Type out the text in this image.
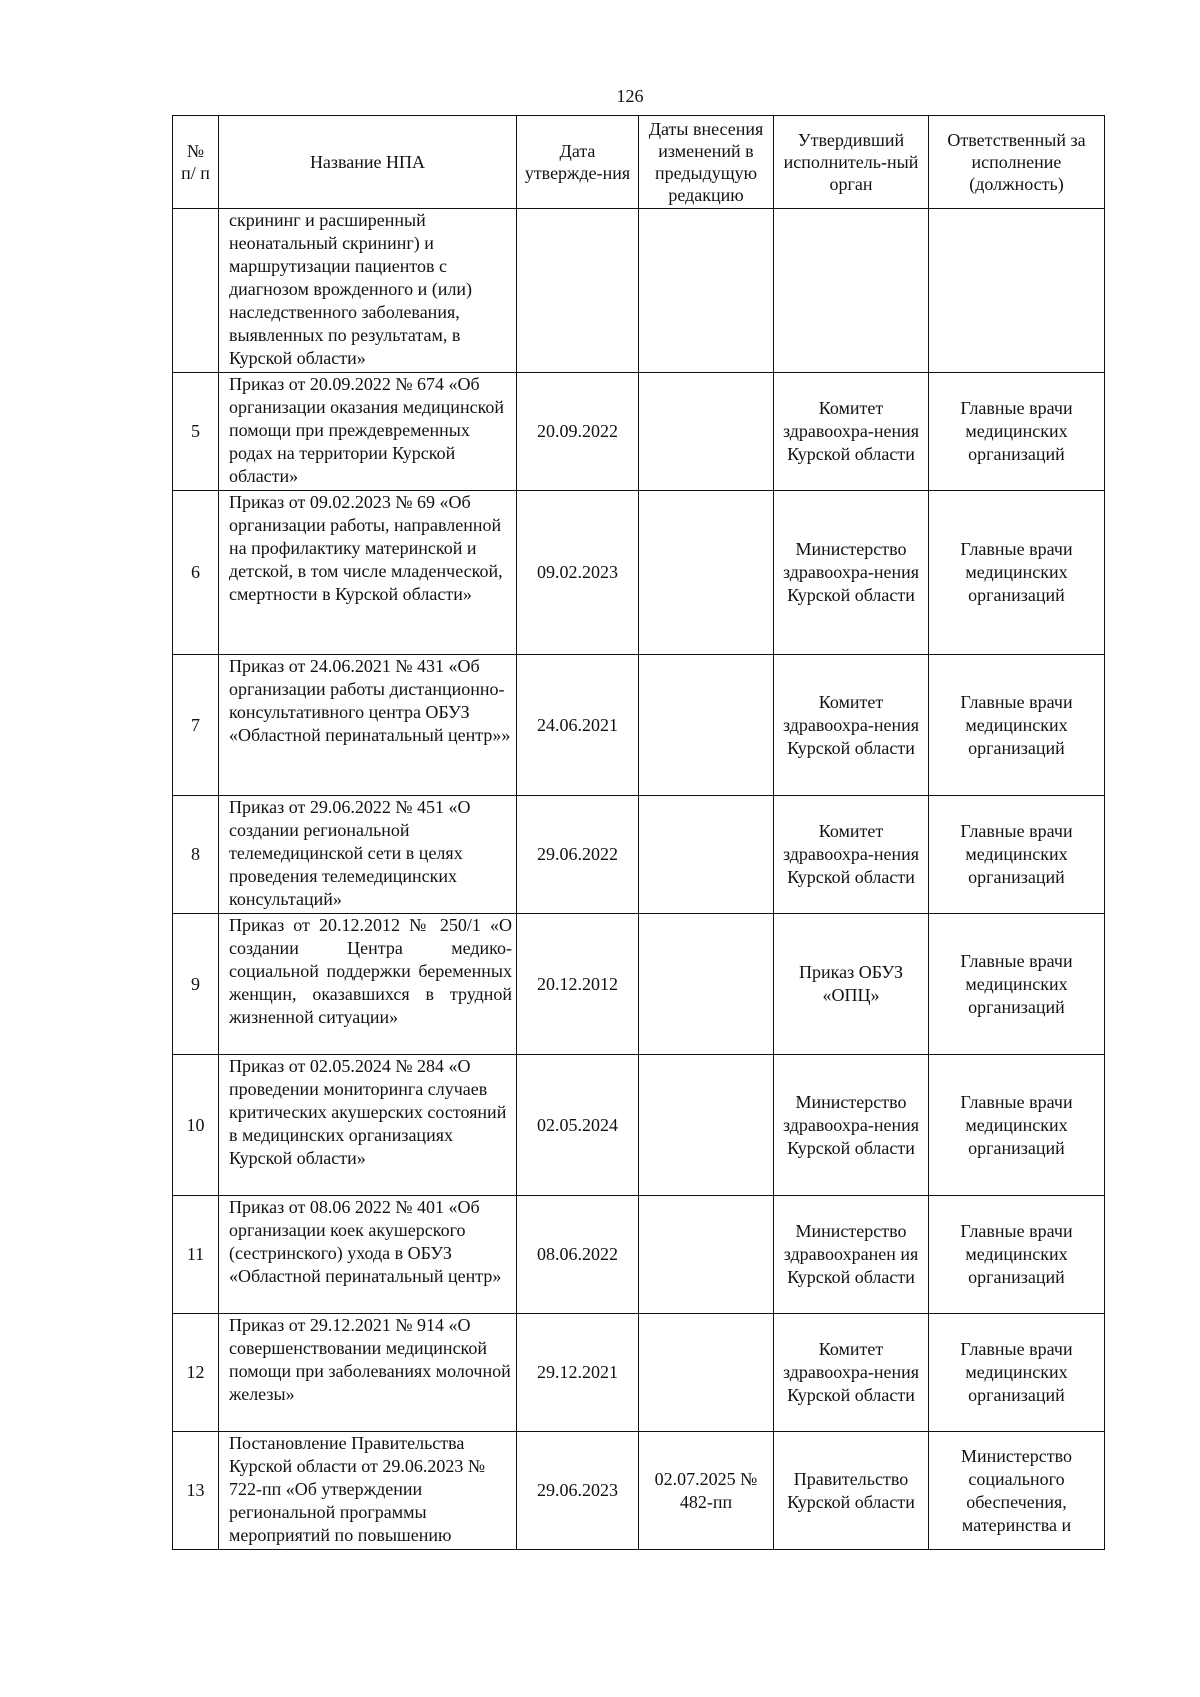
126
№ п/ п	Название НПА	Дата утвержде-ния	Даты внесения изменений в предыдущую редакцию	Утвердивший исполнитель-ный орган	Ответственный за исполнение (должность)
	скрининг и расширенный неонатальный скрининг) и маршрутизации пациентов с диагнозом врожденного и (или) наследственного заболевания, выявленных по результатам, в Курской области»				
5	Приказ от 20.09.2022 № 674 «Об организации оказания медицинской помощи при преждевременных родах на территории Курской области»	20.09.2022		Комитет здравоохра-нения Курской области	Главные врачи медицинских организаций
6	Приказ от 09.02.2023 № 69 «Об организации работы, направленной на профилактику материнской и детской, в том числе младенческой, смертности в Курской области»	09.02.2023		Министерство здравоохра-нения Курской области	Главные врачи медицинских организаций
7	Приказ от 24.06.2021 № 431 «Об организации работы дистанционно-консультативного центра ОБУЗ «Областной перинатальный центр»»	24.06.2021		Комитет здравоохра-нения Курской области	Главные врачи медицинских организаций
8	Приказ от 29.06.2022 № 451 «О создании региональной телемедицинской сети в целях проведения телемедицинских консультаций»	29.06.2022		Комитет здравоохра-нения Курской области	Главные врачи медицинских организаций
9	Приказ от 20.12.2012 № 250/1 «О создании Центра медико-социальной поддержки беременных женщин, оказавшихся в трудной жизненной ситуации»	20.12.2012		Приказ ОБУЗ «ОПЦ»	Главные врачи медицинских организаций
10	Приказ от 02.05.2024 № 284 «О проведении мониторинга случаев критических акушерских состояний в медицинских организациях Курской области»	02.05.2024		Министерство здравоохра-нения Курской области	Главные врачи медицинских организаций
11	Приказ от 08.06 2022 № 401 «Об организации коек акушерского (сестринского) ухода в ОБУЗ «Областной перинатальный центр»	08.06.2022		Министерство здравоохранен ия Курской области	Главные врачи медицинских организаций
12	Приказ от 29.12.2021 № 914 «О совершенствовании медицинской помощи при заболеваниях молочной железы»	29.12.2021		Комитет здравоохра-нения Курской области	Главные врачи медицинских организаций
13	Постановление Правительства Курской области от 29.06.2023 № 722-пп «Об утверждении региональной программы мероприятий по повышению	29.06.2023	02.07.2025 № 482-пп	Правительство Курской области	Министерство социального обеспечения, материнства и
